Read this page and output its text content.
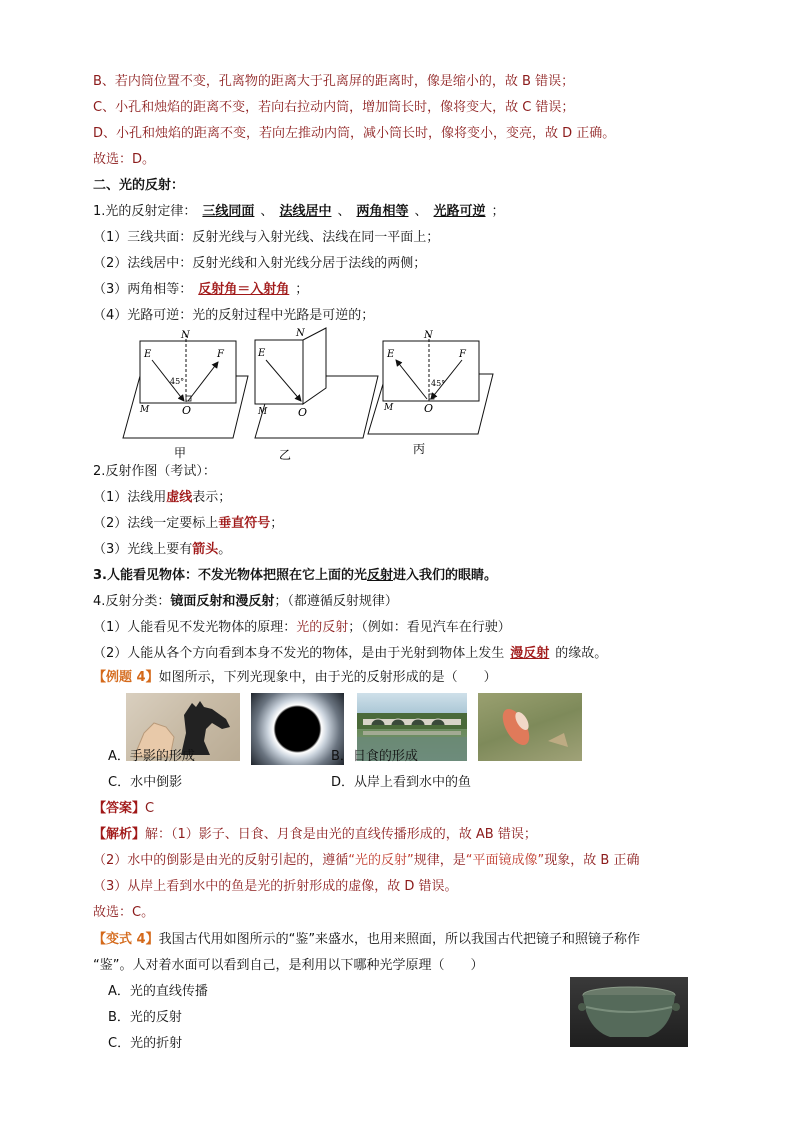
B、若内筒位置不变，孔离物的距离大于孔离屏的距离时，像是缩小的，故 B 错误；
C、小孔和烛焰的距离不变，若向右拉动内筒，增加筒长时，像将变大，故 C 错误；
D、小孔和烛焰的距离不变，若向左推动内筒，减小筒长时，像将变小，变亮，故 D 正确。
故选：D。
二、光的反射：
1.光的反射定律： 三线同面 、 法线居中 、 两角相等 、 光路可逆 ；
（1）三线共面：反射光线与入射光线、法线在同一平面上；
（2）法线居中：反射光线和入射光线分居于法线的两侧；
（3）两角相等： 反射角＝入射角 ；
（4）光路可逆：光的反射过程中光路是可逆的；
N
E	F
45°
O
M
甲
N
E
O
M
乙
N
E	F
45°
O
M
丙
2.反射作图（考试）：
（1）法线用虚线表示；
（2）法线一定要标上垂直符号；
（3）光线上要有箭头。
3.人能看见物体：不发光物体把照在它上面的光反射进入我们的眼睛。
4.反射分类：镜面反射和漫反射；（都遵循反射规律）
（1）人能看见不发光物体的原理：光的反射；（例如：看见汽车在行驶）
（2）人能从各个方向看到本身不发光的物体，是由于光射到物体上发生 漫反射 的缘故。
【例题 4】如图所示，下列光现象中，由于光的反射形成的是（　　）
A．手影的形成	B．日食的形成
C．水中倒影	D．从岸上看到水中的鱼
【答案】C
【解析】解：（1）影子、日食、月食是由光的直线传播形成的，故 AB 错误；
（2）水中的倒影是由光的反射引起的，遵循“光的反射”规律，是“平面镜成像”现象，故 B 正确
（3）从岸上看到水中的鱼是光的折射形成的虚像，故 D 错误。
故选：C。
【变式 4】我国古代用如图所示的“鉴”来盛水，也用来照面，所以我国古代把镜子和照镜子称作
“鉴”。人对着水面可以看到自己，是利用以下哪种光学原理（　　）
A．光的直线传播
B．光的反射
C．光的折射
